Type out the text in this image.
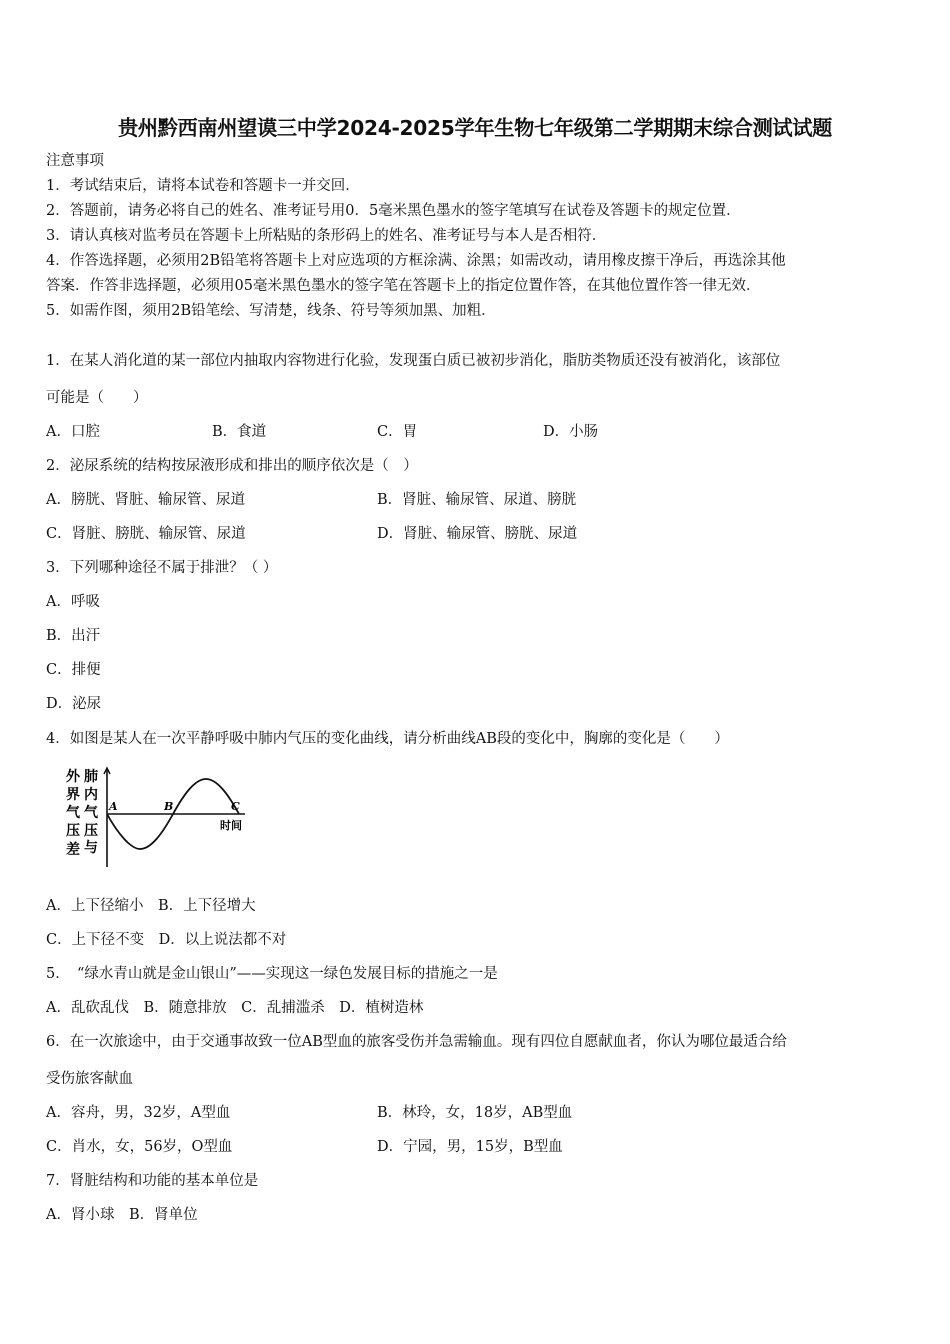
贵州黔西南州望谟三中学2024-2025学年生物七年级第二学期期末综合测试试题
注意事项
1．考试结束后，请将本试卷和答题卡一并交回．
2．答题前，请务必将自己的姓名、准考证号用0．5毫米黑色墨水的签字笔填写在试卷及答题卡的规定位置．
3．请认真核对监考员在答题卡上所粘贴的条形码上的姓名、准考证号与本人是否相符．
4．作答选择题，必须用2B铅笔将答题卡上对应选项的方框涂满、涂黑；如需改动，请用橡皮擦干净后，再选涂其他
答案．作答非选择题，必须用05毫米黑色墨水的签字笔在答题卡上的指定位置作答，在其他位置作答一律无效．
5．如需作图，须用2B铅笔绘、写清楚，线条、符号等须加黑、加粗．
1．在某人消化道的某一部位内抽取内容物进行化验，发现蛋白质已被初步消化，脂肪类物质还没有被消化，该部位
可能是（　　）
A．口腔	B．食道	C．胃	D．小肠
2．泌尿系统的结构按尿液形成和排出的顺序依次是（　）
A．膀胱、肾脏、输尿管、尿道	B．肾脏、输尿管、尿道、膀胱
C．肾脏、膀胱、输尿管、尿道	D．肾脏、输尿管、膀胱、尿道
3．下列哪种途径不属于排泄？（ ）
A．呼吸
B．出汗
C．排便
D．泌尿
4．如图是某人在一次平静呼吸中肺内气压的变化曲线，请分析曲线AB段的变化中，胸廓的变化是（　　）
外
界
气
压
差
肺
内
气
压
与
A	B	C
时间
A．上下径缩小　B．上下径增大
C．上下径不变　D．以上说法都不对
5．　“绿水青山就是金山银山”——实现这一绿色发展目标的措施之一是
A．乱砍乱伐　B．随意排放　C．乱捕滥杀　D．植树造林
6．在一次旅途中，由于交通事故致一位AB型血的旅客受伤并急需输血。现有四位自愿献血者，你认为哪位最适合给
受伤旅客献血
A．容舟，男，32岁，A型血	B．林玲，女，18岁，AB型血
C．肖水，女，56岁，O型血	D．宁园，男，15岁，B型血
7．肾脏结构和功能的基本单位是
A．肾小球　B．肾单位
